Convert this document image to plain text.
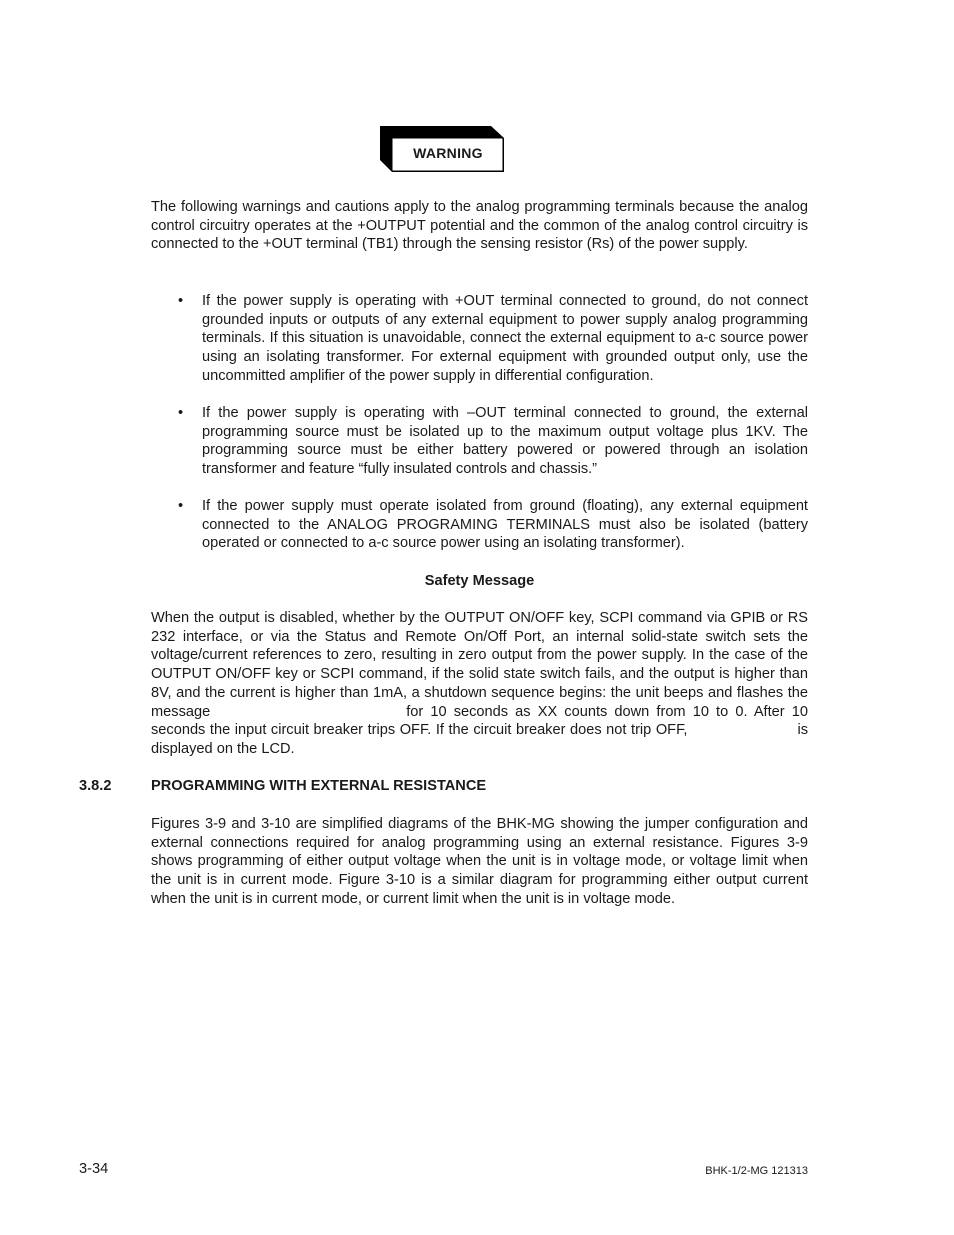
WARNING

The following warnings and cautions apply to the analog programming terminals because the analog control circuitry operates at the +OUTPUT potential and the common of the analog control circuitry is connected to the +OUT terminal (TB1) through the sensing resistor (Rs) of the power supply.

• If the power supply is operating with +OUT terminal connected to ground, do not connect grounded inputs or outputs of any external equipment to power supply analog programming terminals. If this situation is unavoidable, connect the external equipment to a-c source power using an isolating transformer. For external equipment with grounded output only, use the uncommitted amplifier of the power supply in differential configuration.
• If the power supply is operating with –OUT terminal connected to ground, the external programming source must be isolated up to the maximum output voltage plus 1KV. The programming source must be either battery powered or powered through an isolation transformer and feature “fully insulated controls and chassis.”
• If the power supply must operate isolated from ground (floating), any external equipment connected to the ANALOG PROGRAMING TERMINALS must also be isolated (battery operated or connected to a-c source power using an isolating transformer).
Safety Message

When the output is disabled, whether by the OUTPUT ON/OFF key, SCPI command via GPIB or RS 232 interface, or via the Status and Remote On/Off Port, an internal solid-state switch sets the voltage/current references to zero, resulting in zero output from the power supply. In the case of the OUTPUT ON/OFF key or SCPI command, if the solid state switch fails, and the output is higher than 8V, and the current is higher than 1mA, a shutdown sequence begins: the unit beeps and flashes the message	for 10 seconds as XX counts down from 10 to 0. After 10 seconds the input circuit breaker trips OFF. If the circuit breaker does not trip OFF,	is displayed on the LCD.

3.8.2	PROGRAMMING WITH EXTERNAL RESISTANCE

Figures 3-9 and 3-10 are simplified diagrams of the BHK-MG showing the jumper configuration and external connections required for analog programming using an external resistance. Figures 3-9 shows programming of either output voltage when the unit is in voltage mode, or voltage limit when the unit is in current mode. Figure 3-10 is a similar diagram for programming either output current when the unit is in current mode, or current limit when the unit is in voltage mode.

3-34	BHK-1/2-MG 121313
